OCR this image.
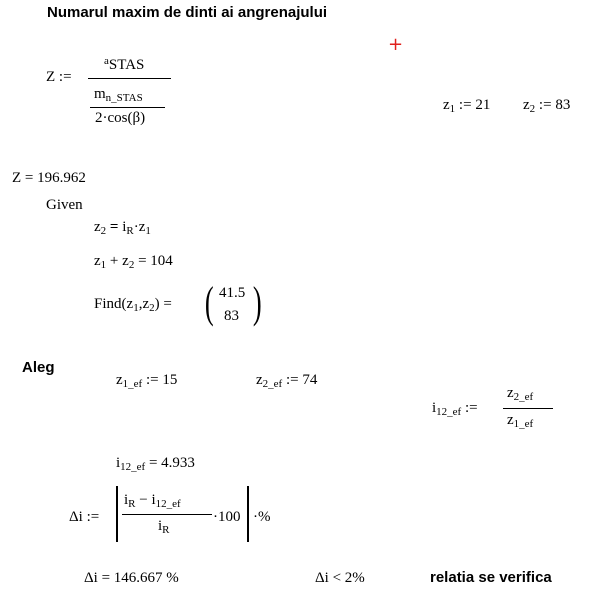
Numarul maxim de dinti ai angrenajului
+
Z :=
$^a$STAS
$m_{n\_STAS}$
2·cos(β)
$z_1$ := 21 $z_2$ := 83
Z = 196.962
Given
$z_2 = i_R\cdot z_1$
$z_1 + z_2 = 104$
$Find(z_1,z_2)$ = ( 41.5
83 )
Aleg
$z_{1\_ef}$ := 15	$z_{2\_ef}$ := 74
$i_{12\_ef}$ :=
$z_{2\_ef}$
$z_{1\_ef}$
$i_{12\_ef} = 4.933$
Δi :=
$i_R - i_{12\_ef}$
$i_R$
·100 ·%
Δi = 146.667 %	Δi < 2%	relatia se verifica
